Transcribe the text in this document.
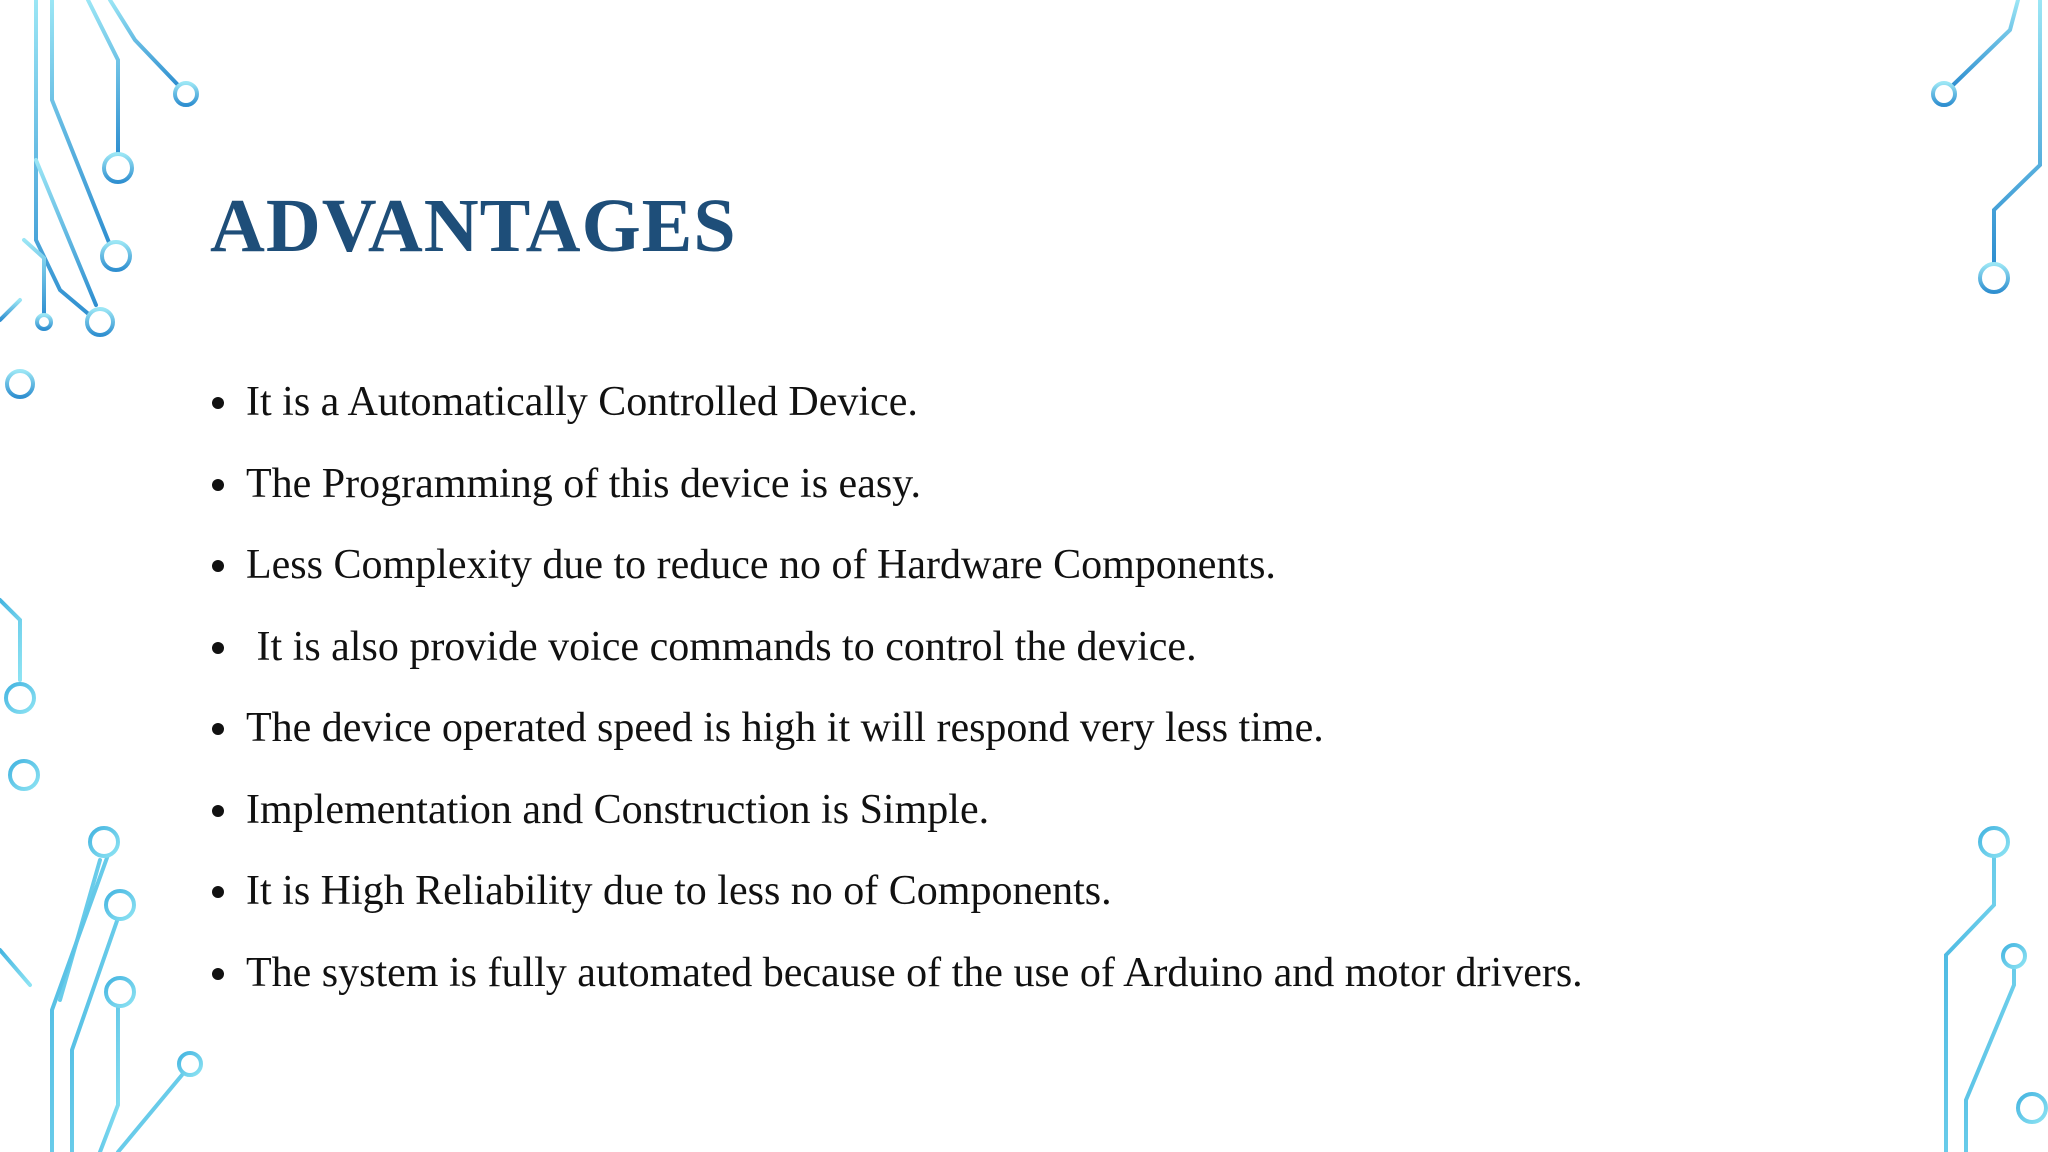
ADVANTAGES
It is a Automatically Controlled Device.
The Programming of this device is easy.
Less Complexity due to reduce no of Hardware Components.
It is also provide voice commands to control the device.
The device operated speed is high it will respond very less time.
Implementation and Construction is Simple.
It is High Reliability due to less no of Components.
The system is fully automated because of the use of Arduino and motor drivers.
